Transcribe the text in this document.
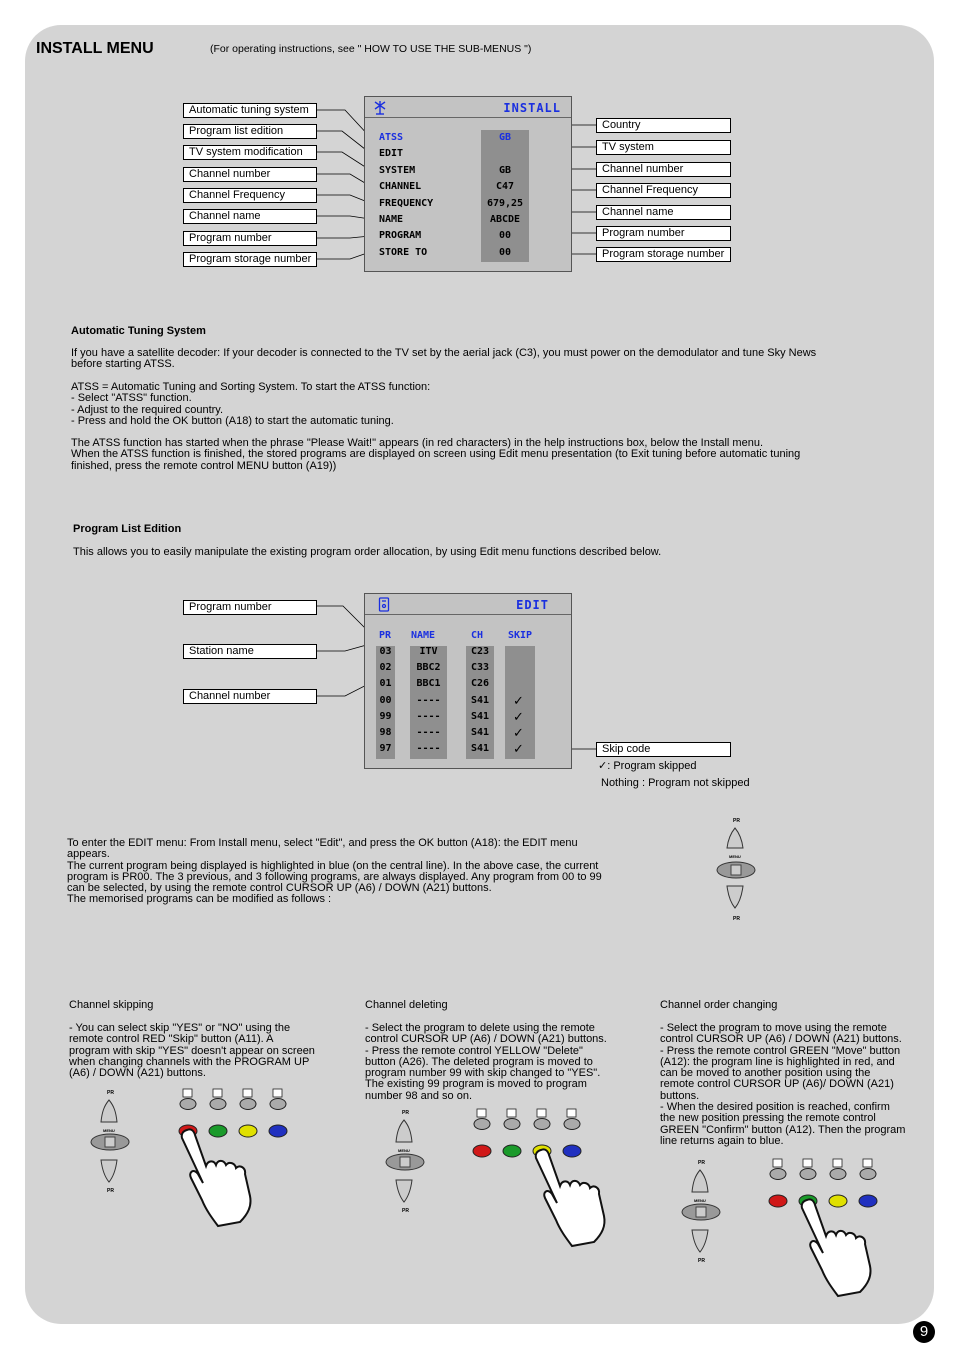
INSTALL MENU	(For operating instructions, see " HOW TO USE THE SUB-MENUS ")
Automatic tuning system
Program list edition
TV system modification
Channel number
Channel Frequency
Channel name
Program number
Program storage number
Country
TV system
Channel number
Channel Frequency
Channel name
Program number
Program storage number
INSTALL
ATSS	GB
EDIT
SYSTEM	GB
CHANNEL	C47
FREQUENCY	679,25
NAME	ABCDE
PROGRAM	00
STORE TO	00
Automatic Tuning System
If you have a satellite decoder: If your decoder is connected to the TV set by the aerial jack (C3), you must power on the demodulator and tune Sky News
before starting ATSS.
ATSS = Automatic Tuning and Sorting System. To start the ATSS function:
- Select "ATSS" function.
- Adjust to the required country.
- Press and hold the OK button (A18) to start the automatic tuning.
The ATSS function has started when the phrase "Please Wait!" appears (in red characters) in the help instructions box, below the Install menu.
When the ATSS function is finished, the stored programs are displayed on screen using Edit menu presentation (to Exit tuning before automatic tuning
finished, press the remote control MENU button (A19))
Program List Edition
This allows you to easily manipulate the existing program order allocation, by using Edit menu functions described below.
Program number
Station name
Channel number
EDIT
PR NAME	CH SKIP
03	ITV	C23
02	BBC2	C33
01	BBC1	C26
00	----	S41	✓
99	----	S41	✓
98	----	S41	✓
97	----	S41	✓	Skip code
✓: Program skipped
Nothing : Program not skipped
To enter the EDIT menu: From Install menu, select "Edit", and press the OK button (A18): the EDIT menu
appears.
The current program being displayed is highlighted in blue (on the central line). In the above case, the current
program is PR00. The 3 previous, and 3 following programs, are always displayed. Any program from 00 to 99
can be selected, by using the remote control CURSOR UP (A6) / DOWN (A21) buttons.
The memorised programs can be modified as follows :
PR
MENU
PR
Channel skipping
- You can select skip "YES" or "NO" using the
remote control RED "Skip" button (A11). A
program with skip "YES" doesn't appear on screen
when changing channels with the PROGRAM UP
(A6) / DOWN (A21) buttons.
Channel deleting
- Select the program to delete using the remote
control CURSOR UP (A6) / DOWN (A21) buttons.
- Press the remote control YELLOW "Delete"
button (A26). The deleted program is moved to
program number 99 with skip changed to "YES".
The existing 99 program is moved to program
number 98 and so on.
Channel order changing
- Select the program to move using the remote
control CURSOR UP (A6) / DOWN (A21) buttons.
- Press the remote control GREEN "Move" button
(A12): the program line is highlighted in red, and
can be moved to another position using the
remote control CURSOR UP (A6)/ DOWN (A21)
buttons.
- When the desired position is reached, confirm
the new position pressing the remote control
GREEN "Confirm" button (A12). Then the program
line returns again to blue.
PR
MENU
PR
PR
MENU
PR
PR
MENU
PR
9
